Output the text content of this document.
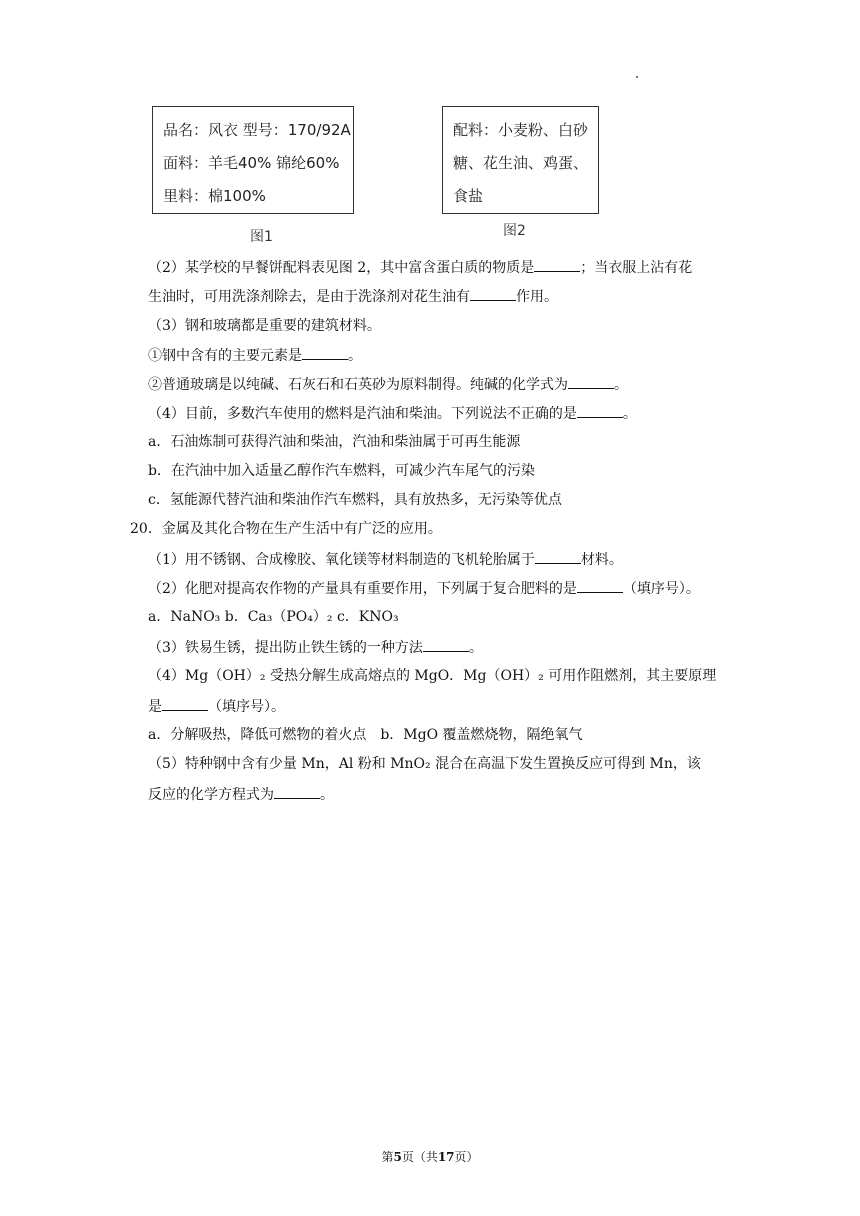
品名：风衣 型号：170/92A
面料：羊毛40% 锦纶60%
里料：棉100%
图1
配料：小麦粉、白砂
糖、花生油、鸡蛋、
食盐
图2
（2）某学校的早餐饼配料表见图 2，其中富含蛋白质的物质是	；当衣服上沾有花
生油时，可用洗涤剂除去，是由于洗涤剂对花生油有	作用。
（3）钢和玻璃都是重要的建筑材料。
①钢中含有的主要元素是	。
②普通玻璃是以纯碱、石灰石和石英砂为原料制得。纯碱的化学式为	。
（4）目前，多数汽车使用的燃料是汽油和柴油。下列说法不正确的是	。
a．石油炼制可获得汽油和柴油，汽油和柴油属于可再生能源
b．在汽油中加入适量乙醇作汽车燃料，可减少汽车尾气的污染
c．氢能源代替汽油和柴油作汽车燃料，具有放热多，无污染等优点
20．金属及其化合物在生产生活中有广泛的应用。
（1）用不锈钢、合成橡胶、氧化镁等材料制造的飞机轮胎属于	材料。
（2）化肥对提高农作物的产量具有重要作用，下列属于复合肥料的是	（填序号）。
a．NaNO₃ b．Ca₃（PO₄）₂ c．KNO₃
（3）铁易生锈，提出防止铁生锈的一种方法	。
（4）Mg（OH）₂ 受热分解生成高熔点的 MgO．Mg（OH）₂ 可用作阻燃剂，其主要原理
是	（填序号）。
a．分解吸热，降低可燃物的着火点　b．MgO 覆盖燃烧物，隔绝氧气
（5）特种钢中含有少量 Mn，Al 粉和 MnO₂ 混合在高温下发生置换反应可得到 Mn，该
反应的化学方程式为	。
第5页（共17页）
